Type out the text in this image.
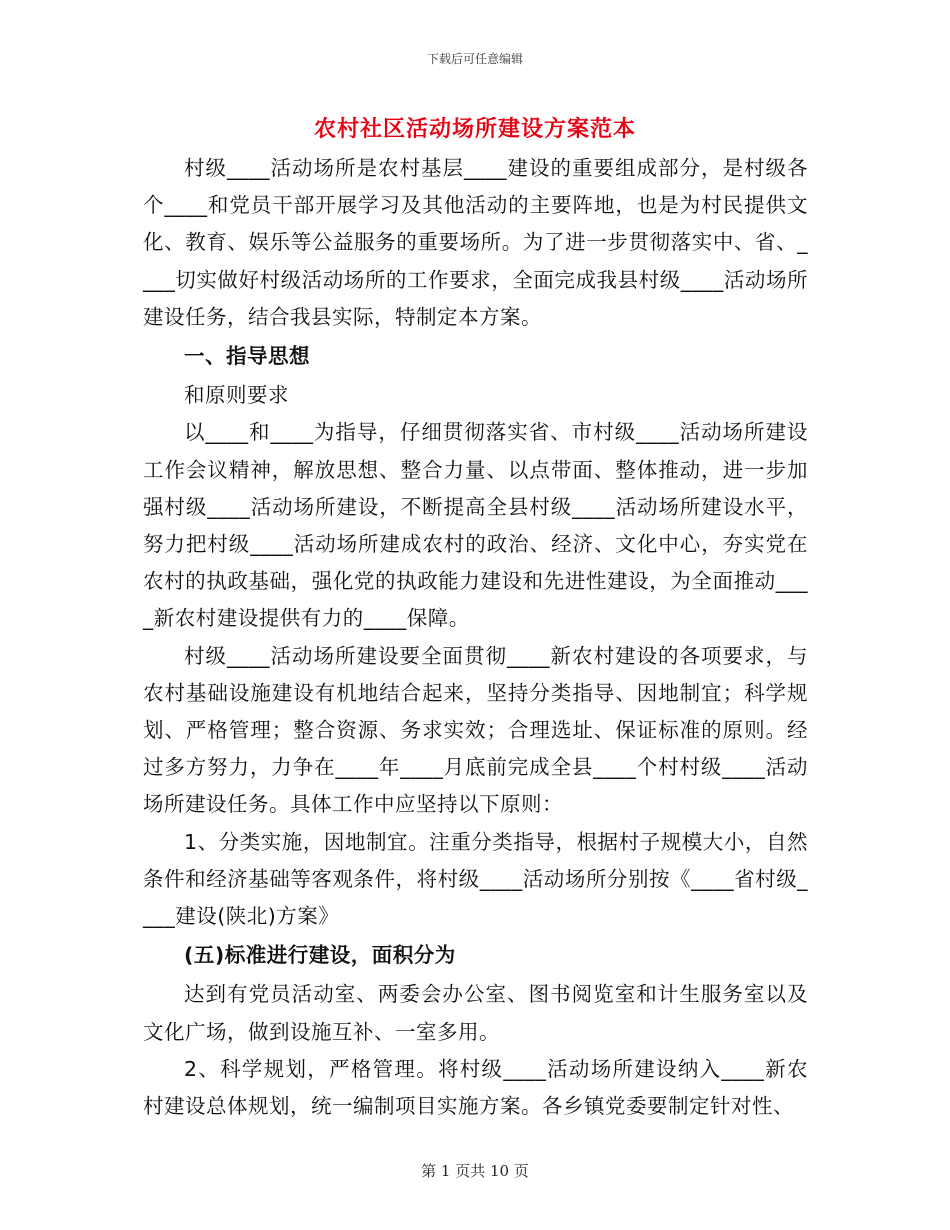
下载后可任意编辑
农村社区活动场所建设方案范本

村级____活动场所是农村基层____建设的重要组成部分，是村级各个____和党员干部开展学习及其他活动的主要阵地，也是为村民提供文化、教育、娱乐等公益服务的重要场所。为了进一步贯彻落实中、省、____切实做好村级活动场所的工作要求，全面完成我县村级____活动场所建设任务，结合我县实际，特制定本方案。

一、指导思想

和原则要求

以____和____为指导，仔细贯彻落实省、市村级____活动场所建设工作会议精神，解放思想、整合力量、以点带面、整体推动，进一步加强村级____活动场所建设，不断提高全县村级____活动场所建设水平，努力把村级____活动场所建成农村的政治、经济、文化中心，夯实党在农村的执政基础，强化党的执政能力建设和先进性建设，为全面推动____新农村建设提供有力的____保障。

村级____活动场所建设要全面贯彻____新农村建设的各项要求，与农村基础设施建设有机地结合起来，坚持分类指导、因地制宜；科学规划、严格管理；整合资源、务求实效；合理选址、保证标准的原则。经过多方努力，力争在____年____月底前完成全县____个村村级____活动场所建设任务。具体工作中应坚持以下原则：

1、分类实施，因地制宜。注重分类指导，根据村子规模大小，自然条件和经济基础等客观条件，将村级____活动场所分别按《____省村级____建设(陕北)方案》

(五)标准进行建设，面积分为

达到有党员活动室、两委会办公室、图书阅览室和计生服务室以及文化广场，做到设施互补、一室多用。

2、科学规划，严格管理。将村级____活动场所建设纳入____新农村建设总体规划，统一编制项目实施方案。各乡镇党委要制定针对性、

第 1 页共 10 页
